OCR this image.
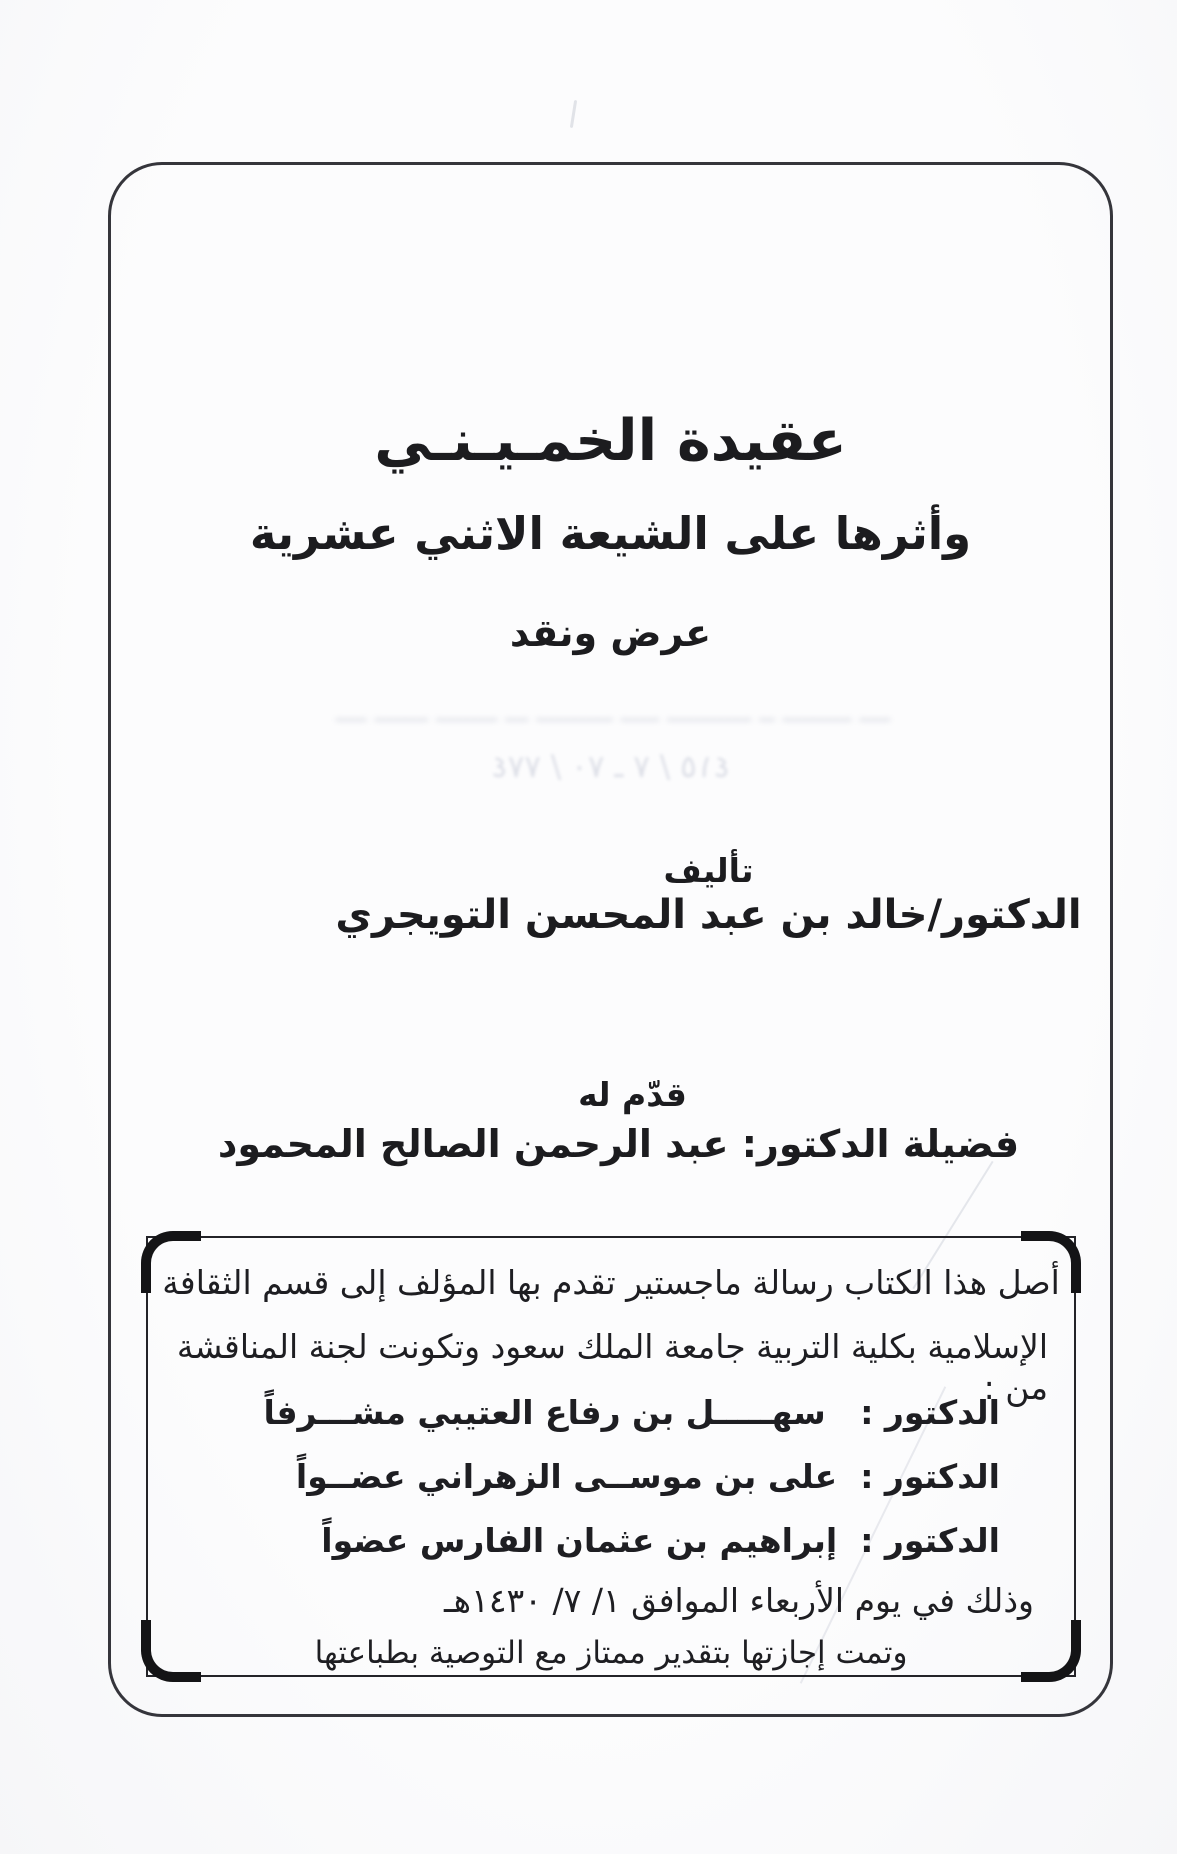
عقيدة الخمـيـنـي
وأثرها على الشيعة الاثني عشرية
عرض ونقد
ــــ ـــــــــ ــ ـــــــــــ ـــــ ــــــــــ ـــ ــــــــ ـــــــ ــــ
٧٧٤ / ٧٠ ـ ٧ / ٤١٥
تأليف
الدكتور/خالد بن عبد المحسن التويجري
قدّم له
فضيلة الدكتور: عبد الرحمن الصالح المحمود

أصل هذا الكتاب رسالة ماجستير تقدم بها المؤلف إلى قسم الثقافة

الإسلامية بكلية التربية جامعة الملك سعود وتكونت لجنة المناقشة من :

الدكتور :   سهـــــل بن رفاع العتيبي مشـــرفاً

الدكتور :  على بن موســى الزهراني عضــواً

الدكتور :  إبراهيم بن عثمان الفارس عضواً

وذلك في يوم الأربعاء الموافق ١/ ٧/ ١٤٣٠هـ

وتمت إجازتها بتقدير ممتاز مع التوصية بطباعتها
